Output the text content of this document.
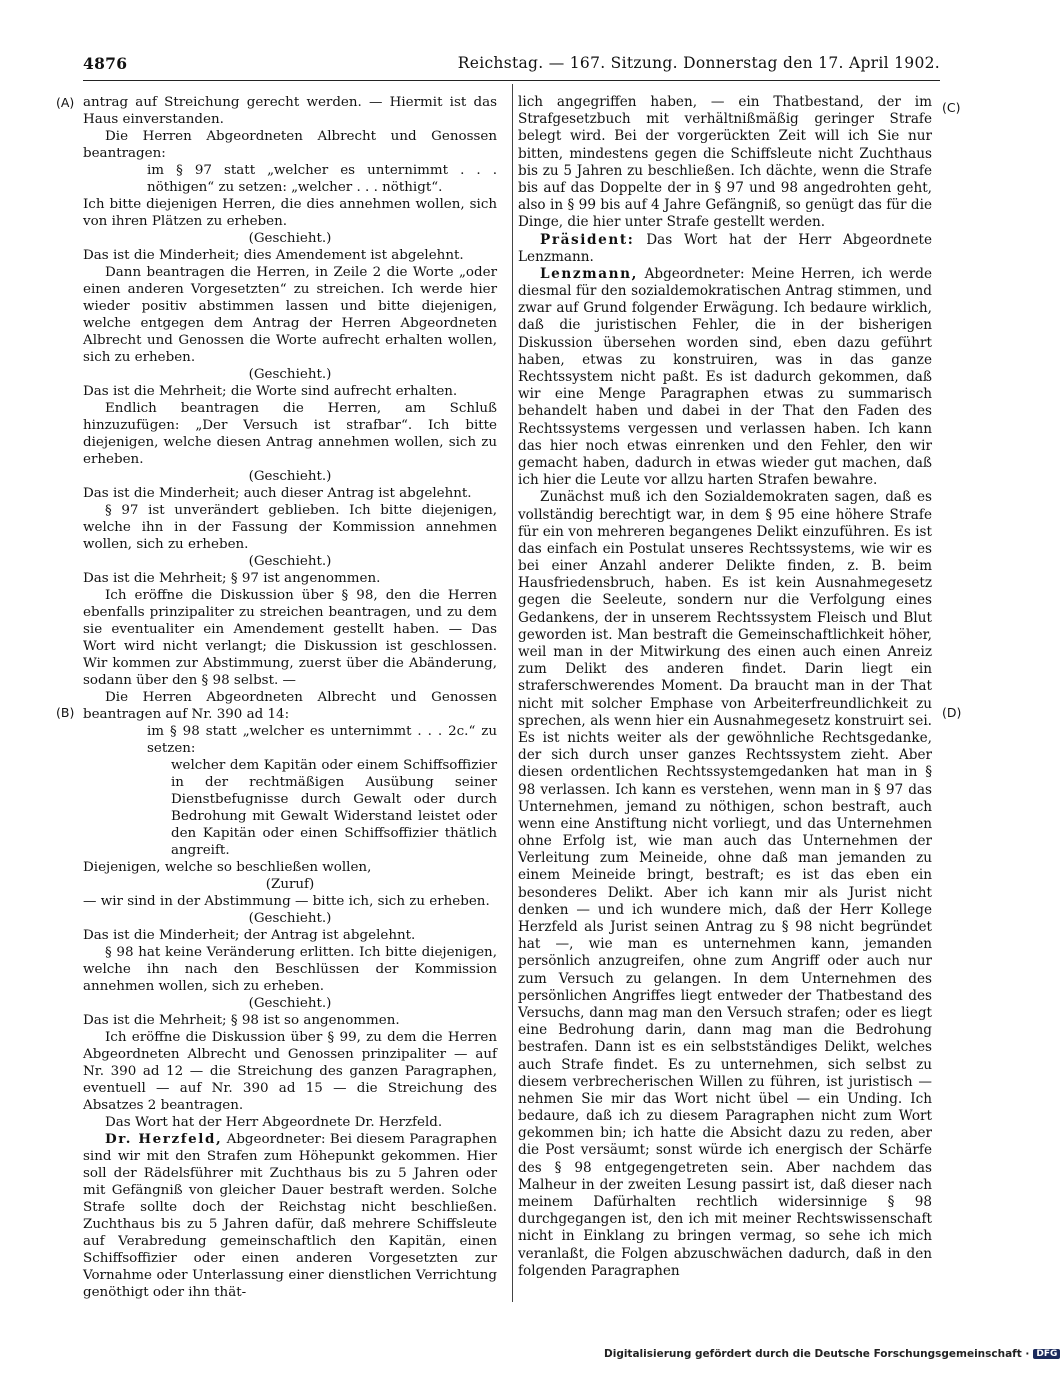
4876	Reichstag. — 167. Sitzung. Donnerstag den 17. April 1902.
(A)
(B)
(C)
(D)

antrag auf Streichung gerecht werden. — Hiermit ist das Haus einverstanden.

Die Herren Abgeordneten Albrecht und Genossen beantragen:

im § 97 statt „welcher es unternimmt . . . nöthigen“ zu setzen: „welcher . . . nöthigt“.

Ich bitte diejenigen Herren, die dies annehmen wollen, sich von ihren Plätzen zu erheben.

(Geschieht.)

Das ist die Minderheit; dies Amendement ist abgelehnt.

Dann beantragen die Herren, in Zeile 2 die Worte „oder einen anderen Vorgesetzten“ zu streichen. Ich werde hier wieder positiv abstimmen lassen und bitte diejenigen, welche entgegen dem Antrag der Herren Abgeordneten Albrecht und Genossen die Worte aufrecht erhalten wollen, sich zu erheben.

(Geschieht.)

Das ist die Mehrheit; die Worte sind aufrecht erhalten.

Endlich beantragen die Herren, am Schluß hinzuzufügen: „Der Versuch ist strafbar“. Ich bitte diejenigen, welche diesen Antrag annehmen wollen, sich zu erheben.

(Geschieht.)

Das ist die Minderheit; auch dieser Antrag ist abgelehnt.

§ 97 ist unverändert geblieben. Ich bitte diejenigen, welche ihn in der Fassung der Kommission annehmen wollen, sich zu erheben.

(Geschieht.)

Das ist die Mehrheit; § 97 ist angenommen.

Ich eröffne die Diskussion über § 98, den die Herren ebenfalls prinzipaliter zu streichen beantragen, und zu dem sie eventualiter ein Amendement gestellt haben. — Das Wort wird nicht verlangt; die Diskussion ist geschlossen. Wir kommen zur Abstimmung, zuerst über die Abänderung, sodann über den § 98 selbst. —

Die Herren Abgeordneten Albrecht und Genossen beantragen auf Nr. 390 ad 14:

im § 98 statt „welcher es unternimmt . . . 2c.“ zu setzen:

welcher dem Kapitän oder einem Schiffsoffizier in der rechtmäßigen Ausübung seiner Dienstbefugnisse durch Gewalt oder durch Bedrohung mit Gewalt Widerstand leistet oder den Kapitän oder einen Schiffsoffizier thätlich angreift.

Diejenigen, welche so beschließen wollen,

(Zuruf)

— wir sind in der Abstimmung — bitte ich, sich zu erheben.

(Geschieht.)

Das ist die Minderheit; der Antrag ist abgelehnt.

§ 98 hat keine Veränderung erlitten. Ich bitte diejenigen, welche ihn nach den Beschlüssen der Kommission annehmen wollen, sich zu erheben.

(Geschieht.)

Das ist die Mehrheit; § 98 ist so angenommen.

Ich eröffne die Diskussion über § 99, zu dem die Herren Abgeordneten Albrecht und Genossen prinzipaliter — auf Nr. 390 ad 12 — die Streichung des ganzen Paragraphen, eventuell — auf Nr. 390 ad 15 — die Streichung des Absatzes 2 beantragen.

Das Wort hat der Herr Abgeordnete Dr. Herzfeld.

Dr. Herzfeld, Abgeordneter: Bei diesem Paragraphen sind wir mit den Strafen zum Höhepunkt gekommen. Hier soll der Rädelsführer mit Zuchthaus bis zu 5 Jahren oder mit Gefängniß von gleicher Dauer bestraft werden. Solche Strafe sollte doch der Reichstag nicht beschließen. Zuchthaus bis zu 5 Jahren dafür, daß mehrere Schiffsleute auf Verabredung gemeinschaftlich den Kapitän, einen Schiffsoffizier oder einen anderen Vorgesetzten zur Vornahme oder Unterlassung einer dienstlichen Verrichtung genöthigt oder ihn thät-

lich angegriffen haben, — ein Thatbestand, der im Strafgesetzbuch mit verhältnißmäßig geringer Strafe belegt wird. Bei der vorgerückten Zeit will ich Sie nur bitten, mindestens gegen die Schiffsleute nicht Zuchthaus bis zu 5 Jahren zu beschließen. Ich dächte, wenn die Strafe bis auf das Doppelte der in § 97 und 98 angedrohten geht, also in § 99 bis auf 4 Jahre Gefängniß, so genügt das für die Dinge, die hier unter Strafe gestellt werden.

Präsident: Das Wort hat der Herr Abgeordnete Lenzmann.

Lenzmann, Abgeordneter: Meine Herren, ich werde diesmal für den sozialdemokratischen Antrag stimmen, und zwar auf Grund folgender Erwägung. Ich bedaure wirklich, daß die juristischen Fehler, die in der bisherigen Diskussion übersehen worden sind, eben dazu geführt haben, etwas zu konstruiren, was in das ganze Rechtssystem nicht paßt. Es ist dadurch gekommen, daß wir eine Menge Paragraphen etwas zu summarisch behandelt haben und dabei in der That den Faden des Rechtssystems vergessen und verlassen haben. Ich kann das hier noch etwas einrenken und den Fehler, den wir gemacht haben, dadurch in etwas wieder gut machen, daß ich hier die Leute vor allzu harten Strafen bewahre.

Zunächst muß ich den Sozialdemokraten sagen, daß es vollständig berechtigt war, in dem § 95 eine höhere Strafe für ein von mehreren begangenes Delikt einzuführen. Es ist das einfach ein Postulat unseres Rechtssystems, wie wir es bei einer Anzahl anderer Delikte finden, z. B. beim Hausfriedensbruch, haben. Es ist kein Ausnahmegesetz gegen die Seeleute, sondern nur die Verfolgung eines Gedankens, der in unserem Rechtssystem Fleisch und Blut geworden ist. Man bestraft die Gemeinschaftlichkeit höher, weil man in der Mitwirkung des einen auch einen Anreiz zum Delikt des anderen findet. Darin liegt ein straferschwerendes Moment. Da braucht man in der That nicht mit solcher Emphase von Arbeiterfreundlichkeit zu sprechen, als wenn hier ein Ausnahmegesetz konstruirt sei. Es ist nichts weiter als der gewöhnliche Rechtsgedanke, der sich durch unser ganzes Rechtssystem zieht. Aber diesen ordentlichen Rechtssystemgedanken hat man in § 98 verlassen. Ich kann es verstehen, wenn man in § 97 das Unternehmen, jemand zu nöthigen, schon bestraft, auch wenn eine Anstiftung nicht vorliegt, und das Unternehmen ohne Erfolg ist, wie man auch das Unternehmen der Verleitung zum Meineide, ohne daß man jemanden zu einem Meineide bringt, bestraft; es ist das eben ein besonderes Delikt. Aber ich kann mir als Jurist nicht denken — und ich wundere mich, daß der Herr Kollege Herzfeld als Jurist seinen Antrag zu § 98 nicht begründet hat —, wie man es unternehmen kann, jemanden persönlich anzugreifen, ohne zum Angriff oder auch nur zum Versuch zu gelangen. In dem Unternehmen des persönlichen Angriffes liegt entweder der Thatbestand des Versuchs, dann mag man den Versuch strafen; oder es liegt eine Bedrohung darin, dann mag man die Bedrohung bestrafen. Dann ist es ein selbstständiges Delikt, welches auch Strafe findet. Es zu unternehmen, sich selbst zu diesem verbrecherischen Willen zu führen, ist juristisch — nehmen Sie mir das Wort nicht übel — ein Unding. Ich bedaure, daß ich zu diesem Paragraphen nicht zum Wort gekommen bin; ich hatte die Absicht dazu zu reden, aber die Post versäumt; sonst würde ich energisch der Schärfe des § 98 entgegengetreten sein. Aber nachdem das Malheur in der zweiten Lesung passirt ist, daß dieser nach meinem Dafürhalten rechtlich widersinnige § 98 durchgegangen ist, den ich mit meiner Rechtswissenschaft nicht in Einklang zu bringen vermag, so sehe ich mich veranlaßt, die Folgen abzuschwächen dadurch, daß in den folgenden Paragraphen

Digitalisierung gefördert durch die Deutsche Forschungsgemeinschaft · DFG
